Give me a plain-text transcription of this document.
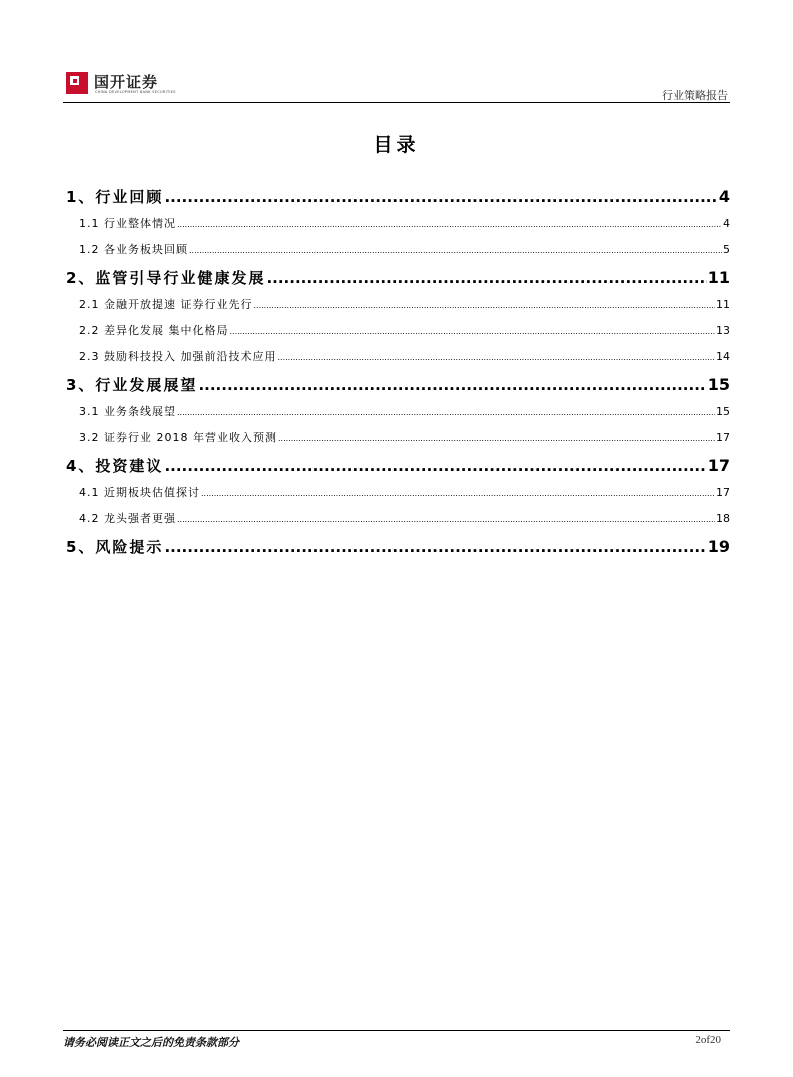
国开证券
CHINA DEVELOPMENT BANK SECURITIES	行业策略报告
目录
1、行业回顾 .....	4
1.1 行业整体情况 .....	4
1.2 各业务板块回顾 .....	5
2、监管引导行业健康发展 .....	11
2.1 金融开放提速 证券行业先行 .....	11
2.2 差异化发展 集中化格局 .....	13
2.3 鼓励科技投入 加强前沿技术应用 .....	14
3、行业发展展望 .....	15
3.1 业务条线展望 .....	15
3.2 证券行业 2018 年营业收入预测 .....	17
4、投资建议 .....	17
4.1 近期板块估值探讨 .....	17
4.2 龙头强者更强 .....	18
5、风险提示 .....	19
请务必阅读正文之后的免责条款部分	2of20
